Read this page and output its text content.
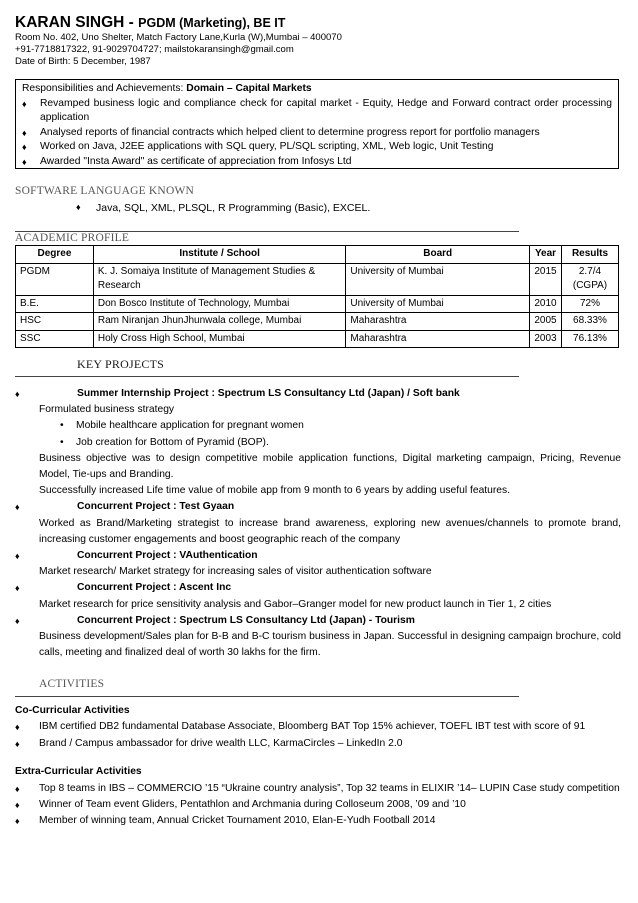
KARAN SINGH - PGDM (Marketing), BE IT
Room No. 402, Uno Shelter, Match Factory Lane,Kurla (W),Mumbai – 400070
+91-7718817322, 91-9029704727; mailstokaransingh@gmail.com
Date of Birth: 5 December, 1987
Responsibilities and Achievements: Domain – Capital Markets
♦	Revamped business logic and compliance check for capital market - Equity, Hedge and Forward contract order processing application
♦	Analysed reports of financial contracts which helped client to determine progress report for portfolio managers
♦	Worked on Java, J2EE applications with SQL query, PL/SQL scripting, XML, Web logic, Unit Testing
♦	Awarded "Insta Award" as certificate of appreciation from Infosys Ltd
SOFTWARE LANGUAGE KNOWN
♦	Java, SQL, XML, PLSQL, R Programming (Basic), EXCEL.
ACADEMIC PROFILE
Degree	Institute / School	Board	Year	Results
PGDM	K. J. Somaiya Institute of Management Studies & Research	University of Mumbai	2015	2.7/4 (CGPA)
B.E.	Don Bosco Institute of Technology, Mumbai	University of Mumbai	2010	72%
HSC	Ram Niranjan JhunJhunwala college, Mumbai	Maharashtra	2005	68.33%
SSC	Holy Cross High School, Mumbai	Maharashtra	2003	76.13%
KEY PROJECTS
♦	Summer Internship Project : Spectrum LS Consultancy Ltd (Japan) / Soft bank
Formulated business strategy
•	Mobile healthcare application for pregnant women
•	Job creation for Bottom of Pyramid (BOP).
Business objective was to design competitive mobile application functions, Digital marketing campaign, Pricing, Revenue Model, Tie-ups and Branding.
Successfully increased Life time value of mobile app from 9 month to 6 years by adding useful features.
♦	Concurrent Project : Test Gyaan
Worked as Brand/Marketing strategist to increase brand awareness, exploring new avenues/channels to promote brand, increasing customer engagements and boost geographic reach of the company
♦	Concurrent Project : VAuthentication
Market research/ Market strategy for increasing sales of visitor authentication software
♦	Concurrent Project : Ascent Inc
Market research for price sensitivity analysis and Gabor–Granger model for new product launch in Tier 1, 2 cities
♦	Concurrent Project : Spectrum LS Consultancy Ltd (Japan) - Tourism
Business development/Sales plan for B-B and B-C tourism business in Japan. Successful in designing campaign brochure, cold calls, meeting and finalized deal of worth 30 lakhs for the firm.
ACTIVITIES
Co-Curricular Activities
♦	IBM certified DB2 fundamental Database Associate, Bloomberg BAT Top 15% achiever, TOEFL IBT test with score of 91
♦	Brand / Campus ambassador for drive wealth LLC, KarmaCircles – LinkedIn 2.0
Extra-Curricular Activities
♦	Top 8 teams in IBS – COMMERCIO ’15 “Ukraine country analysis”, Top 32 teams in ELIXIR ’14– LUPIN Case study competition
♦	Winner of Team event Gliders, Pentathlon and Archmania during Colloseum 2008, ’09 and ’10
♦	Member of winning team, Annual Cricket Tournament 2010, Elan-E-Yudh Football 2014
